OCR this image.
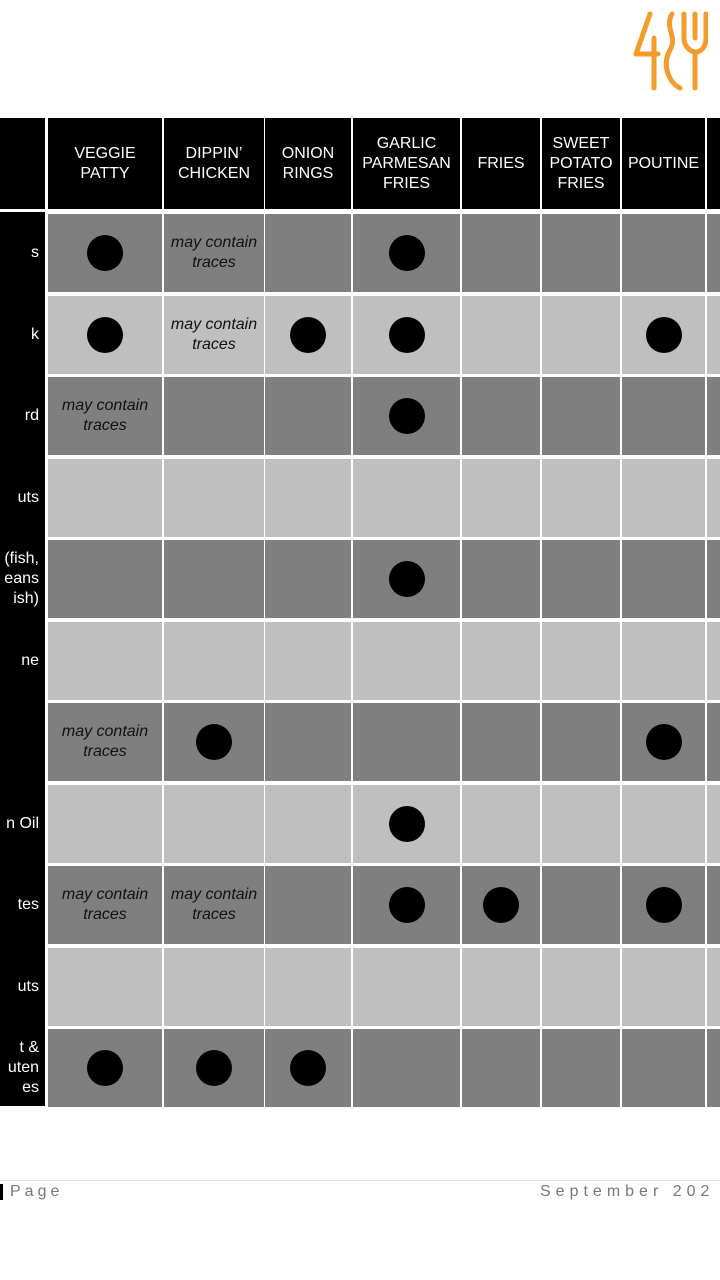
VEGGIE PATTY
DIPPIN’ CHICKEN
ONION RINGS
GARLIC PARMESAN FRIES
FRIES
SWEET POTATO FRIES
POUTINE
s
may contain traces
k
may contain traces
rd
may contain traces
uts
(fish,
eans
ish)
ne
may contain traces
n Oil
tes
may contain traces
may contain traces
uts
t &
uten
es
Page	September 202
